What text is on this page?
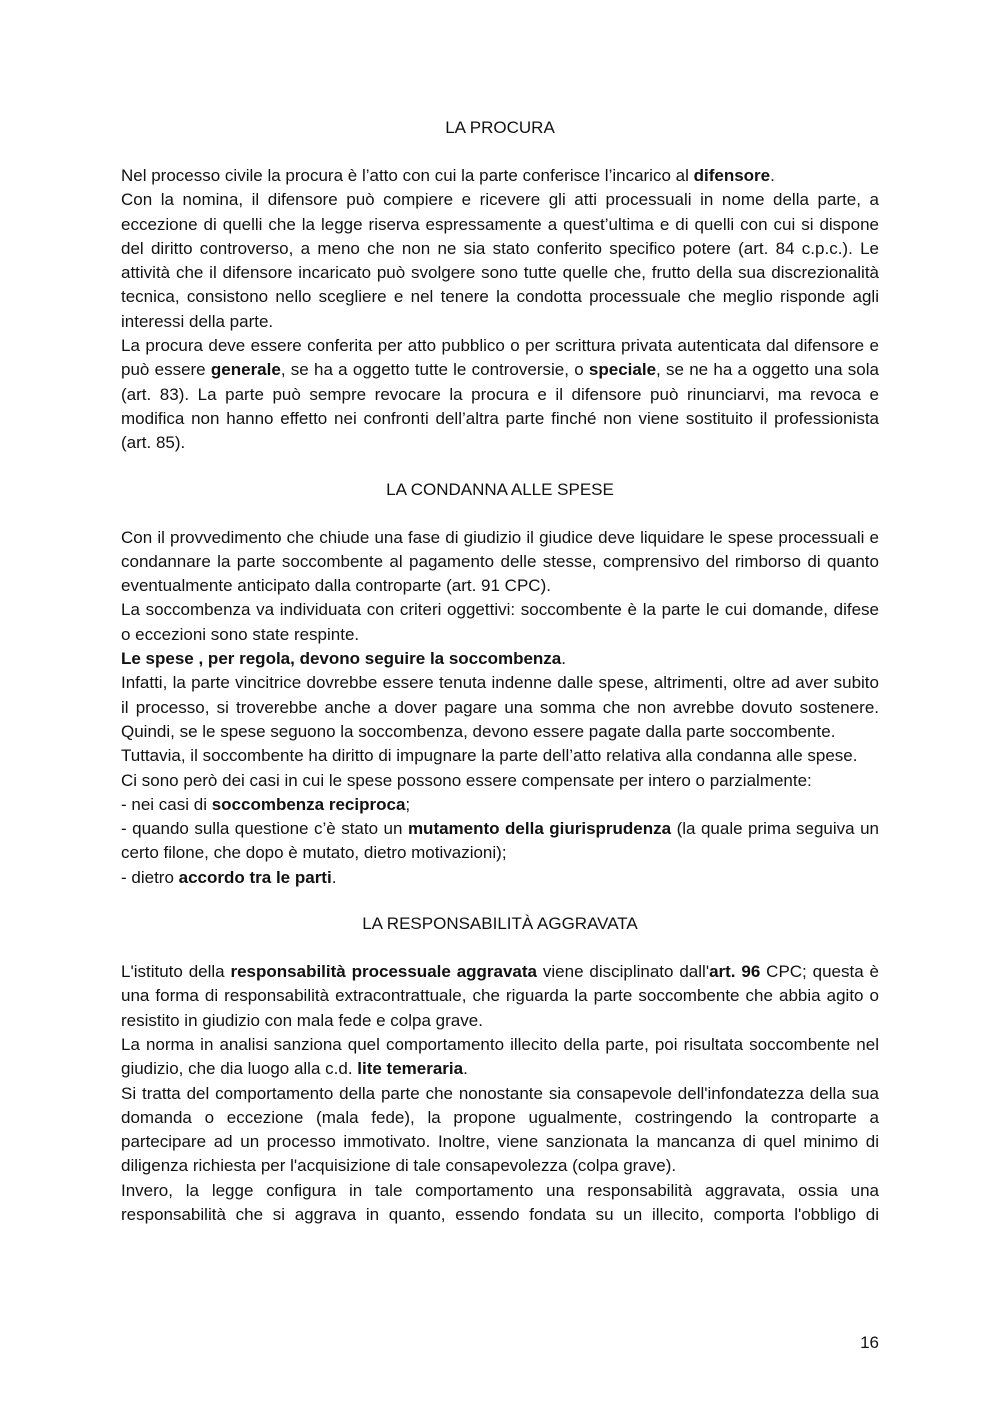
LA PROCURA

Nel processo civile la procura è l’atto con cui la parte conferisce l’incarico al difensore.

Con la nomina, il difensore può compiere e ricevere gli atti processuali in nome della parte, a eccezione di quelli che la legge riserva espressamente a quest’ultima e di quelli con cui si dispone del diritto controverso, a meno che non ne sia stato conferito specifico potere (art. 84 c.p.c.). Le attività che il difensore incaricato può svolgere sono tutte quelle che, frutto della sua discrezionalità tecnica, consistono nello scegliere e nel tenere la condotta processuale che meglio risponde agli interessi della parte.

La procura deve essere conferita per atto pubblico o per scrittura privata autenticata dal difensore e può essere generale, se ha a oggetto tutte le controversie, o speciale, se ne ha a oggetto una sola (art. 83). La parte può sempre revocare la procura e il difensore può rinunciarvi, ma revoca e modifica non hanno effetto nei confronti dell’altra parte finché non viene sostituito il professionista (art. 85).

LA CONDANNA ALLE SPESE

Con il provvedimento che chiude una fase di giudizio il giudice deve liquidare le spese processuali e condannare la parte soccombente al pagamento delle stesse, comprensivo del rimborso di quanto eventualmente anticipato dalla controparte (art. 91 CPC).

La soccombenza va individuata con criteri oggettivi: soccombente è la parte le cui domande, difese o eccezioni sono state respinte.

Le spese , per regola, devono seguire la soccombenza.

Infatti, la parte vincitrice dovrebbe essere tenuta indenne dalle spese, altrimenti, oltre ad aver subito il processo, si troverebbe anche a dover pagare una somma che non avrebbe dovuto sostenere. Quindi, se le spese seguono la soccombenza, devono essere pagate dalla parte soccombente.

Tuttavia, il soccombente ha diritto di impugnare la parte dell’atto relativa alla condanna alle spese.

Ci sono però dei casi in cui le spese possono essere compensate per intero o parzialmente:

- nei casi di soccombenza reciproca;

- quando sulla questione c’è stato un mutamento della giurisprudenza (la quale prima seguiva un certo filone, che dopo è mutato, dietro motivazioni);

- dietro accordo tra le parti.

LA RESPONSABILITÀ AGGRAVATA

L'istituto della responsabilità processuale aggravata viene disciplinato dall'art. 96 CPC; questa è una forma di responsabilità extracontrattuale, che riguarda la parte soccombente che abbia agito o resistito in giudizio con mala fede e colpa grave.

La norma in analisi sanziona quel comportamento illecito della parte, poi risultata soccombente nel giudizio, che dia luogo alla c.d. lite temeraria.

Si tratta del comportamento della parte che nonostante sia consapevole dell'infondatezza della sua domanda o eccezione (mala fede), la propone ugualmente, costringendo la controparte a partecipare ad un processo immotivato. Inoltre, viene sanzionata la mancanza di quel minimo di diligenza richiesta per l'acquisizione di tale consapevolezza (colpa grave).

Invero, la legge configura in tale comportamento una responsabilità aggravata, ossia una responsabilità che si aggrava in quanto, essendo fondata su un illecito, comporta l'obbligo di

16
